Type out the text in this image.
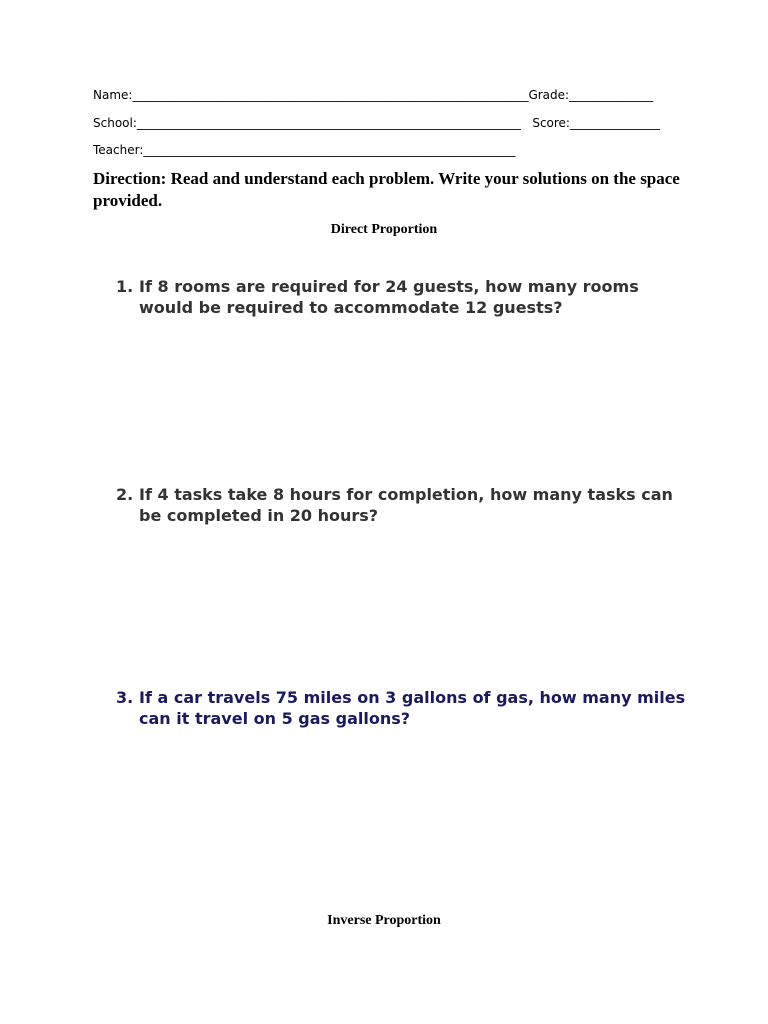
Name:__________________________________________________________________Grade:______________
School:________________________________________________________________   Score:_______________
Teacher:______________________________________________________________
Direction: Read and understand each problem. Write your solutions on the space provided.
Direct Proportion
1. If 8 rooms are required for 24 guests, how many rooms would be required to accommodate 12 guests?
2. If 4 tasks take 8 hours for completion, how many tasks can be completed in 20 hours?
3. If a car travels 75 miles on 3 gallons of gas, how many miles can it travel on 5 gas gallons?
Inverse Proportion
